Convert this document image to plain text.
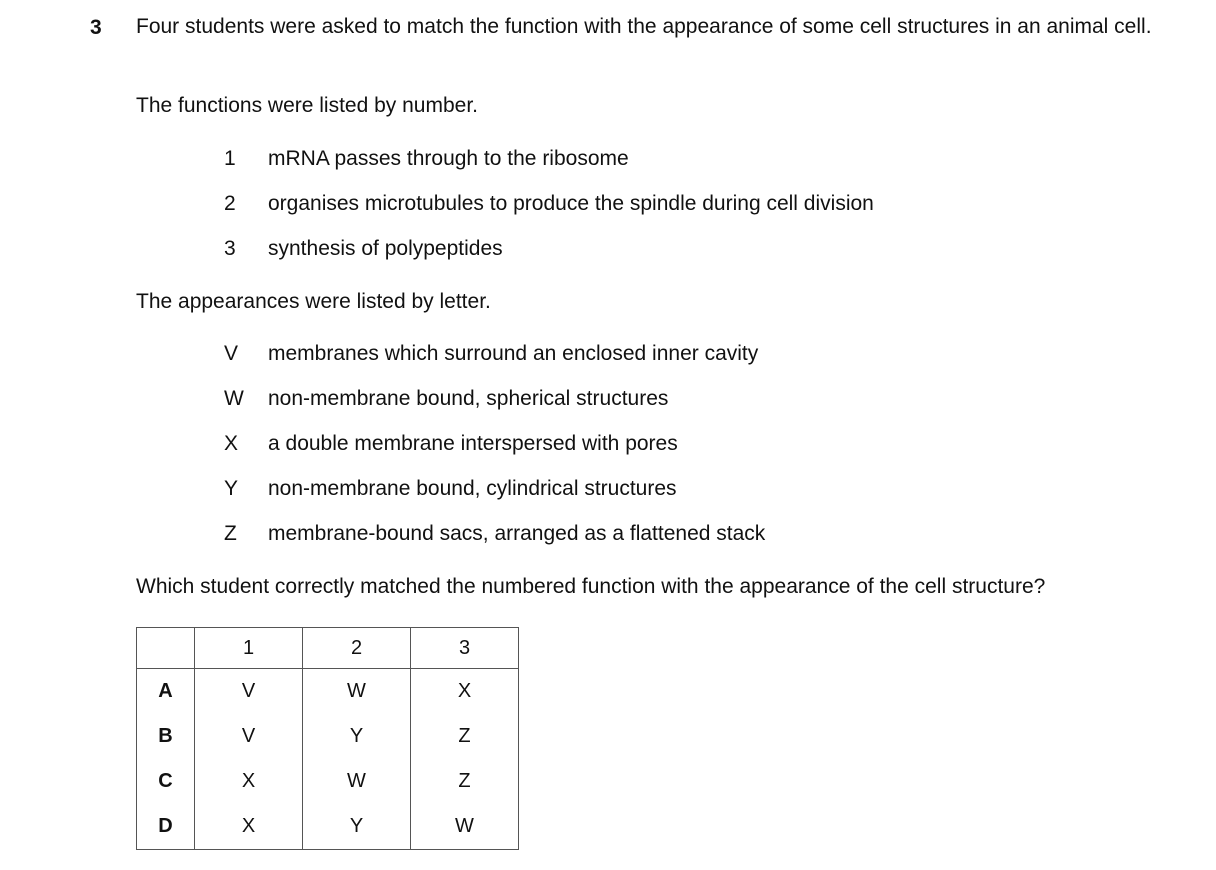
3 Four students were asked to match the function with the appearance of some cell structures in an animal cell.

The functions were listed by number.

1	mRNA passes through to the ribosome
2	organises microtubules to produce the spindle during cell division
3	synthesis of polypeptides

The appearances were listed by letter.

V	membranes which surround an enclosed inner cavity
W	non-membrane bound, spherical structures
X	a double membrane interspersed with pores
Y	non-membrane bound, cylindrical structures
Z	membrane-bound sacs, arranged as a flattened stack

Which student correctly matched the numbered function with the appearance of the cell structure?

	1	2	3
A	V	W	X
B	V	Y	Z
C	X	W	Z
D	X	Y	W
